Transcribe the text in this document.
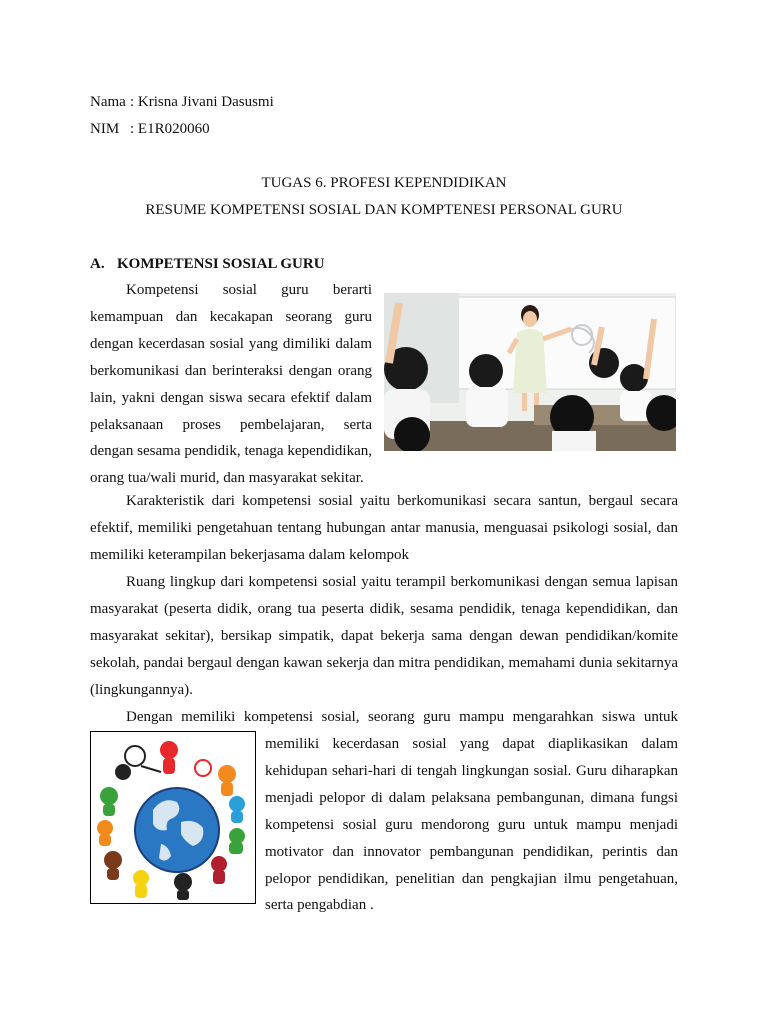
Nama : Krisna Jivani Dasusmi
NIM : E1R020060
TUGAS 6. PROFESI KEPENDIDIKAN
RESUME KOMPETENSI SOSIAL DAN KOMPTENESI PERSONAL GURU
A. KOMPETENSI SOSIAL GURU

Kompetensi sosial guru berarti kemampuan dan kecakapan seorang guru dengan kecerdasan sosial yang dimiliki dalam berkomunikasi dan berinteraksi dengan orang lain, yakni dengan siswa secara efektif dalam pelaksanaan proses pembelajaran, serta dengan sesama pendidik, tenaga kependidikan, orang tua/wali murid, dan masyarakat sekitar.

Karakteristik dari kompetensi sosial yaitu berkomunikasi secara santun, bergaul secara efektif, memiliki pengetahuan tentang hubungan antar manusia, menguasai psikologi sosial, dan memiliki keterampilan bekerjasama dalam kelompok

Ruang lingkup dari kompetensi sosial yaitu terampil berkomunikasi dengan semua lapisan masyarakat (peserta didik, orang tua peserta didik, sesama pendidik, tenaga kependidikan, dan masyarakat sekitar), bersikap simpatik, dapat bekerja sama dengan dewan pendidikan/komite sekolah, pandai bergaul dengan kawan sekerja dan mitra pendidikan, memahami dunia sekitarnya (lingkungannya).

Dengan memiliki kompetensi sosial, seorang guru mampu mengarahkan siswa untuk

memiliki kecerdasan sosial yang dapat diaplikasikan dalam kehidupan sehari-hari di tengah lingkungan sosial. Guru diharapkan menjadi pelopor di dalam pelaksana pembangunan, dimana fungsi kompetensi sosial guru mendorong guru untuk mampu menjadi motivator dan innovator pembangunan pendidikan, perintis dan pelopor pendidikan, penelitian dan pengkajian ilmu pengetahuan, serta pengabdian .
